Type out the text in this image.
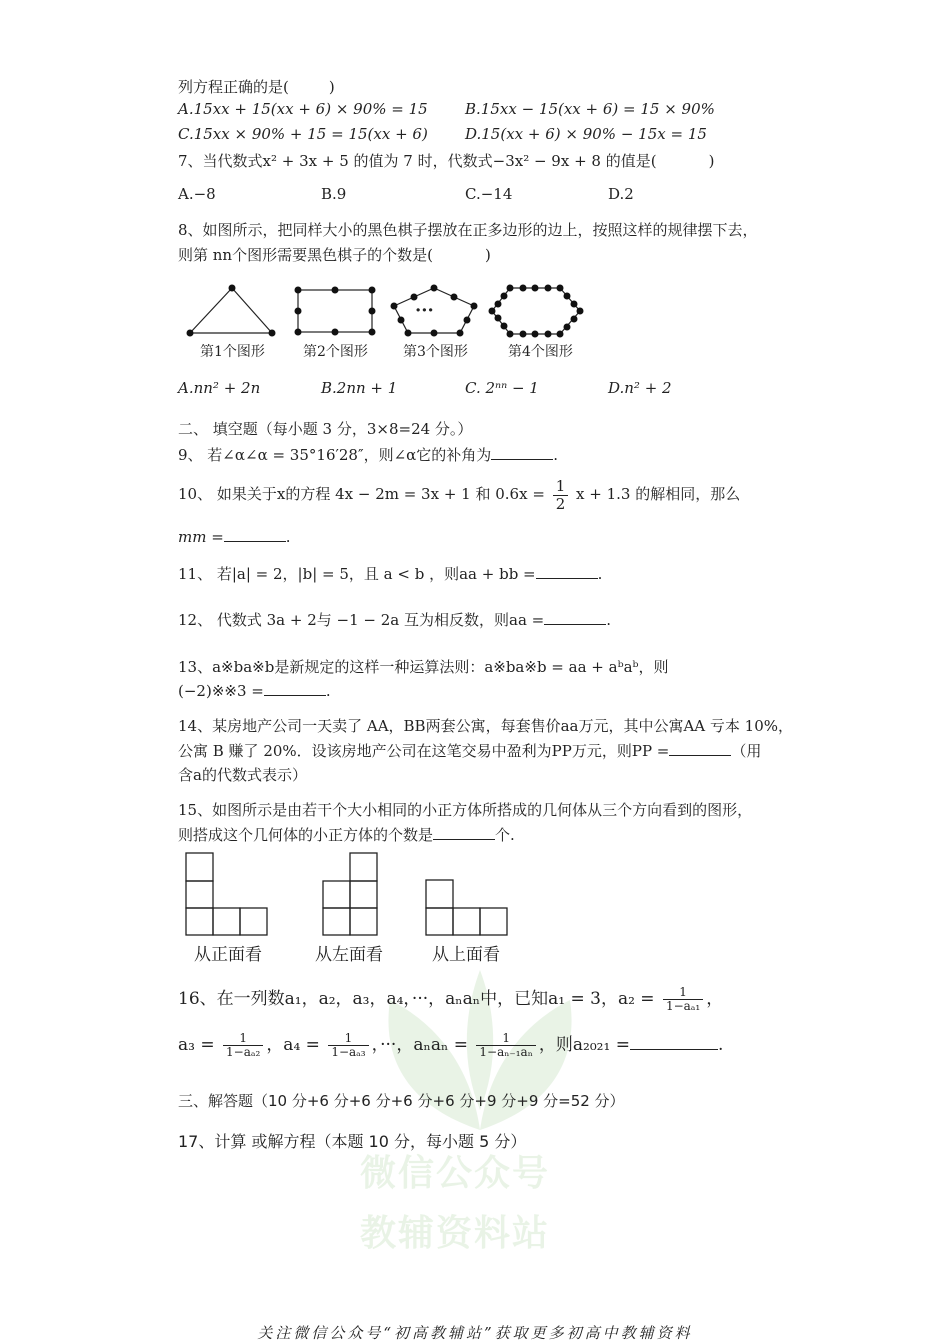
微信公众号
教辅资料站
列方程正确的是(	)
A.15xx + 15(xx + 6) × 90% = 15 B.15xx − 15(xx + 6) = 15 × 90%
C.15xx × 90% + 15 = 15(xx + 6) D.15(xx + 6) × 90% − 15x = 15
7、当代数式x² + 3x + 5 的值为 7 时，代数式−3x² − 9x + 8 的值是(	)
A.−8	B.9	C.−14	D.2
8、如图所示，把同样大小的黑色棋子摆放在正多边形的边上，按照这样的规律摆下去，
则第 nn个图形需要黑色棋子的个数是(	)
···
第1个图形	第2个图形	第3个图形	第4个图形
A.nn² + 2n	B.2nn + 1	C. 2ⁿⁿ − 1	D.n² + 2
二、 填空题（每小题 3 分，3×8=24 分。）
9、 若∠α∠α = 35°16′28″，则∠α它的补角为	.
10、 如果关于x的方程 4x − 2m = 3x + 1 和 $0.6x = \frac{1}{2}$ x + 1.3 的解相同，那么
mm =	.
11、 若|a| = 2，|b| = 5，且 a < b ，则aa + bb =	.
12、 代数式 3a + 2与 −1 − 2a 互为相反数，则aa =	.
13、a※ba※b是新规定的这样一种运算法则：a※ba※b = aa + aᵇaᵇ，则
(−2)※※3 =	.
14、某房地产公司一天卖了 AA，BB两套公寓，每套售价aa万元，其中公寓AA 亏本 10%，
公寓 B 赚了 20%．设该房地产公司在这笔交易中盈利为PP万元，则PP =	（用
含a的代数式表示）
15、如图所示是由若干个大小相同的小正方体所搭成的几何体从三个方向看到的图形，
则搭成这个几何体的小正方体的个数是	个.
从正面看	从左面看	从上面看
16、在一列数a₁，a₂，a₃，a₄，···，aₙaₙ中，已知a₁ = 3，$a_2 = \frac{1}{\text{1−aₐ₁}}$ ，
$a_3 = \frac{1}{\text{1−aₐ₂}}$ ，$a_4 = \frac{1}{\text{1−aₐ₃}}$ ，···，$a_na_n = \frac{1}{\text{1−aₙ₋₁aₙ}}$ ，则a₂₀₂₁ =	.
三、解答题（10 分+6 分+6 分+6 分+6 分+9 分+9 分=52 分）
17、计算 或解方程（本题 10 分，每小题 5 分）
关注微信公众号“初高教辅站”获取更多初高中教辅资料
